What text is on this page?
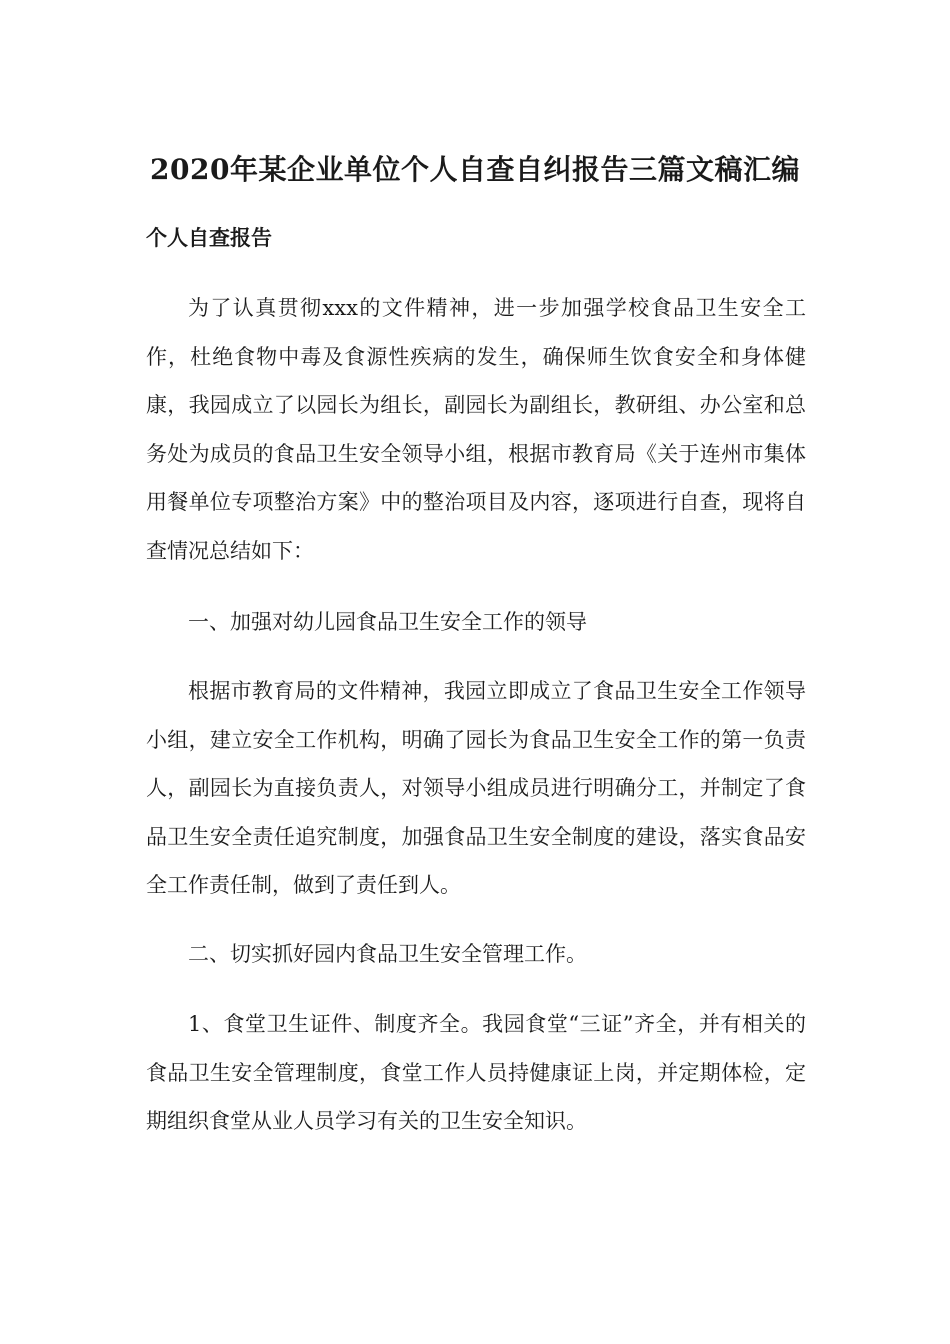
2020年某企业单位个人自查自纠报告三篇文稿汇编
个人自查报告

为了认真贯彻xxx的文件精神，进一步加强学校食品卫生安全工作，杜绝食物中毒及食源性疾病的发生，确保师生饮食安全和身体健康，我园成立了以园长为组长，副园长为副组长，教研组、办公室和总务处为成员的食品卫生安全领导小组，根据市教育局《关于连州市集体用餐单位专项整治方案》中的整治项目及内容，逐项进行自查，现将自查情况总结如下：

一、加强对幼儿园食品卫生安全工作的领导

根据市教育局的文件精神，我园立即成立了食品卫生安全工作领导小组，建立安全工作机构，明确了园长为食品卫生安全工作的第一负责人，副园长为直接负责人，对领导小组成员进行明确分工，并制定了食品卫生安全责任追究制度，加强食品卫生安全制度的建设，落实食品安全工作责任制，做到了责任到人。

二、切实抓好园内食品卫生安全管理工作。

1、食堂卫生证件、制度齐全。我园食堂“三证”齐全，并有相关的食品卫生安全管理制度，食堂工作人员持健康证上岗，并定期体检，定期组织食堂从业人员学习有关的卫生安全知识。
